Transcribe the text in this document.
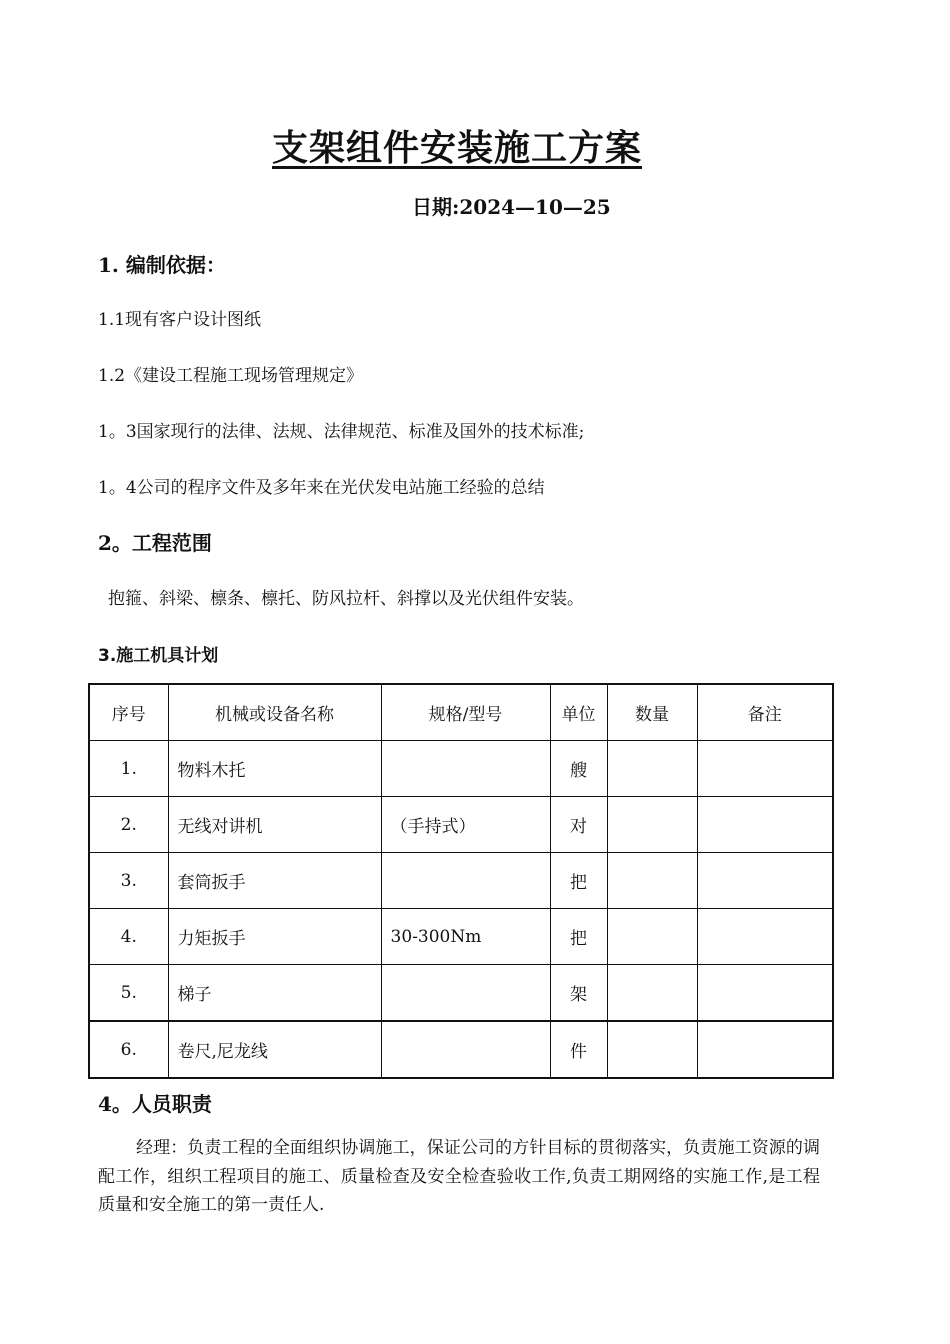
支架组件安装施工方案
日期:2024—10—25
1. 编制依据：
1.1现有客户设计图纸
1.2《建设工程施工现场管理规定》
1。3国家现行的法律、法规、法律规范、标准及国外的技术标准;
1。4公司的程序文件及多年来在光伏发电站施工经验的总结
2。工程范围
抱箍、斜梁、檩条、檩托、防风拉杆、斜撑以及光伏组件安装。
3.施工机具计划
序号	机械或设备名称	规格/型号	单位	数量	备注
1.	物料木托		艘		
2.	无线对讲机	（手持式）	对		
3.	套筒扳手		把		
4.	力矩扳手	30-300Nm	把		
5.	梯子		架		
6.	卷尺,尼龙线		件		
4。人员职责
经理：负责工程的全面组织协调施工，保证公司的方针目标的贯彻落实，负责施工资源的调配工作，组织工程项目的施工、质量检查及安全检查验收工作,负责工期网络的实施工作,是工程质量和安全施工的第一责任人.
